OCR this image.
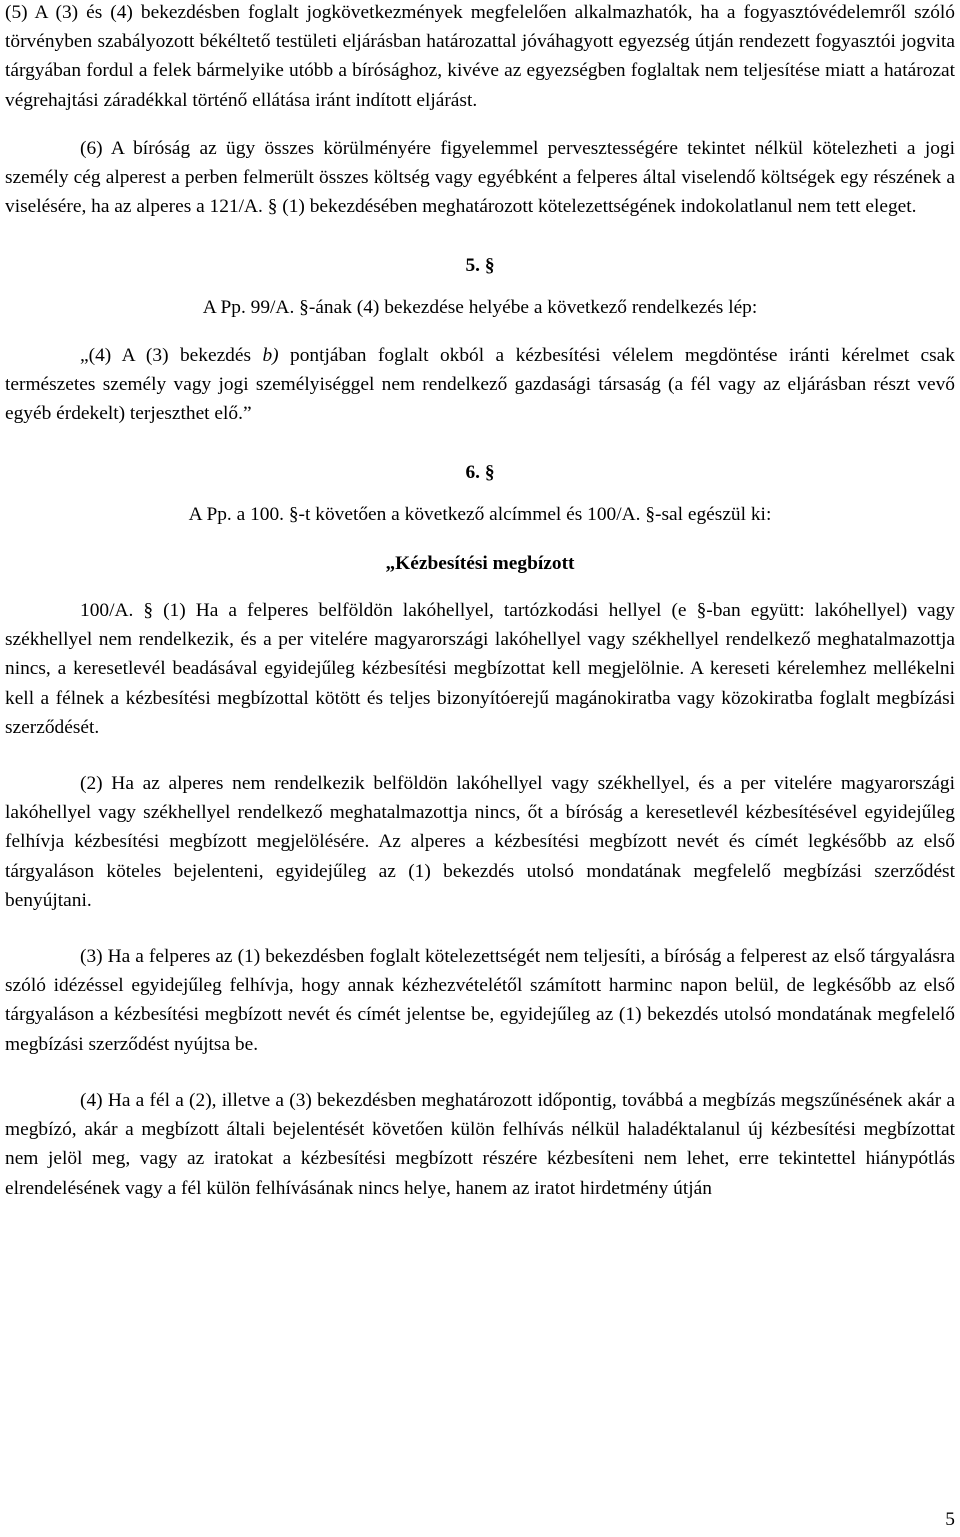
(5) A (3) és (4) bekezdésben foglalt jogkövetkezmények megfelelően alkalmazhatók, ha a fogyasztóvédelemről szóló törvényben szabályozott békéltető testületi eljárásban határozattal jóváhagyott egyezség útján rendezett fogyasztói jogvita tárgyában fordul a felek bármelyike utóbb a bírósághoz, kivéve az egyezségben foglaltak nem teljesítése miatt a határozat végrehajtási záradékkal történő ellátása iránt indított eljárást.

(6) A bíróság az ügy összes körülményére figyelemmel pervesztességére tekintet nélkül kötelezheti a jogi személy cég alperest a perben felmerült összes költség vagy egyébként a felperes által viselendő költségek egy részének a viselésére, ha az alperes a 121/A. § (1) bekezdésében meghatározott kötelezettségének indokolatlanul nem tett eleget.

5. §

A Pp. 99/A. §-ának (4) bekezdése helyébe a következő rendelkezés lép:

„(4) A (3) bekezdés b) pontjában foglalt okból a kézbesítési vélelem megdöntése iránti kérelmet csak természetes személy vagy jogi személyiséggel nem rendelkező gazdasági társaság (a fél vagy az eljárásban részt vevő egyéb érdekelt) terjeszthet elő.”

6. §

A Pp. a 100. §-t követően a következő alcímmel és 100/A. §-sal egészül ki:

„Kézbesítési megbízott

100/A. § (1) Ha a felperes belföldön lakóhellyel, tartózkodási hellyel (e §-ban együtt: lakóhellyel) vagy székhellyel nem rendelkezik, és a per vitelére magyarországi lakóhellyel vagy székhellyel rendelkező meghatalmazottja nincs, a keresetlevél beadásával egyidejűleg kézbesítési megbízottat kell megjelölnie. A kereseti kérelemhez mellékelni kell a félnek a kézbesítési megbízottal kötött és teljes bizonyítóerejű magánokiratba vagy közokiratba foglalt megbízási szerződését.

(2) Ha az alperes nem rendelkezik belföldön lakóhellyel vagy székhellyel, és a per vitelére magyarországi lakóhellyel vagy székhellyel rendelkező meghatalmazottja nincs, őt a bíróság a keresetlevél kézbesítésével egyidejűleg felhívja kézbesítési megbízott megjelölésére. Az alperes a kézbesítési megbízott nevét és címét legkésőbb az első tárgyaláson köteles bejelenteni, egyidejűleg az (1) bekezdés utolsó mondatának megfelelő megbízási szerződést benyújtani.

(3) Ha a felperes az (1) bekezdésben foglalt kötelezettségét nem teljesíti, a bíróság a felperest az első tárgyalásra szóló idézéssel egyidejűleg felhívja, hogy annak kézhezvételétől számított harminc napon belül, de legkésőbb az első tárgyaláson a kézbesítési megbízott nevét és címét jelentse be, egyidejűleg az (1) bekezdés utolsó mondatának megfelelő megbízási szerződést nyújtsa be.

(4) Ha a fél a (2), illetve a (3) bekezdésben meghatározott időpontig, továbbá a megbízás megszűnésének akár a megbízó, akár a megbízott általi bejelentését követően külön felhívás nélkül haladéktalanul új kézbesítési megbízottat nem jelöl meg, vagy az iratokat a kézbesítési megbízott részére kézbesíteni nem lehet, erre tekintettel hiánypótlás elrendelésének vagy a fél külön felhívásának nincs helye, hanem az iratot hirdetmény útján

5
